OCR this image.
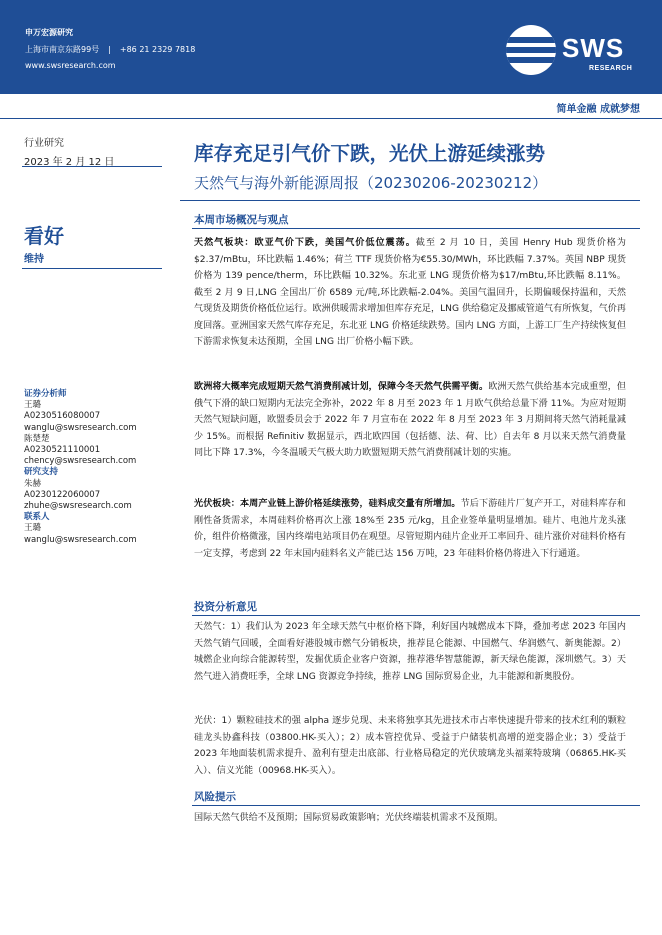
申万宏源研究
上海市南京东路99号 | +86 21 2329 7818
www.swsresearch.com
SWS
RESEARCH
简单金融 成就梦想
行业研究
2023 年 2 月 12 日
看好
维持
证券分析师
王璐
A0230516080007
wanglu@swsresearch.com
陈楚楚
A0230521110001
chency@swsresearch.com
研究支持
朱赫
A0230122060007
zhuhe@swsresearch.com
联系人
王璐
wanglu@swsresearch.com
库存充足引气价下跌，光伏上游延续涨势
天然气与海外新能源周报（20230206-20230212）
本周市场概况与观点
天然气板块：欧亚气价下跌，美国气价低位震荡。截至 2 月 10 日，美国 Henry Hub 现货价格为$2.37/mBtu，环比跌幅 1.46%；荷兰 TTF 现货价格为€55.30/MWh，环比跌幅 7.37%。英国 NBP 现货价格为 139 pence/therm，环比跌幅 10.32%。东北亚 LNG 现货价格为$17/mBtu,环比跌幅 8.11%。截至 2 月 9 日,LNG 全国出厂价 6589 元/吨,环比跌幅-2.04%。美国气温回升，长期偏暖保持温和，天然气现货及期货价格低位运行。欧洲供暖需求增加但库存充足，LNG 供给稳定及挪威管道气有所恢复，气价再度回落。亚洲国家天然气库存充足，东北亚 LNG 价格延续跌势。国内 LNG 方面，上游工厂生产持续恢复但下游需求恢复未达预期，全国 LNG 出厂价格小幅下跌。
欧洲将大概率完成短期天然气消费削减计划，保障今冬天然气供需平衡。欧洲天然气供给基本完成重塑，但俄气下滑的缺口短期内无法完全弥补，2022 年 8 月至 2023 年 1 月欧气供给总量下滑 11%。为应对短期天然气短缺问题，欧盟委员会于 2022 年 7 月宣布在 2022 年 8 月至 2023 年 3 月期间将天然气消耗量减少 15%。而根据 Refinitiv 数据显示，西北欧四国（包括德、法、荷、比）自去年 8 月以来天然气消费量同比下降 17.3%，今冬温暖天气极大助力欧盟短期天然气消费削减计划的实施。
光伏板块：本周产业链上游价格延续涨势，硅料成交量有所增加。节后下游硅片厂复产开工，对硅料库存和刚性备货需求，本周硅料价格再次上涨 18%至 235 元/kg，且企业签单量明显增加。硅片、电池片龙头涨价，组件价格微涨，国内终端电站项目仍在观望。尽管短期内硅片企业开工率回升、硅片涨价对硅料价格有一定支撑，考虑到 22 年末国内硅料名义产能已达 156 万吨，23 年硅料价格仍将进入下行通道。
投资分析意见
天然气：1）我们认为 2023 年全球天然气中枢价格下降，利好国内城燃成本下降，叠加考虑 2023 年国内天然气销气回暖，全面看好港股城市燃气分销板块，推荐昆仑能源、中国燃气、华润燃气、新奥能源。2）城燃企业向综合能源转型，发掘优质企业客户资源，推荐港华智慧能源，新天绿色能源，深圳燃气。3）天然气进入消费旺季，全球 LNG 资源竞争持续，推荐 LNG 国际贸易企业，九丰能源和新奥股份。
光伏：1）颗粒硅技术的强 alpha 逐步兑现、未来将独享其先进技术市占率快速提升带来的技术红利的颗粒硅龙头协鑫科技（03800.HK-买入）；2）成本管控优异、受益于户储装机高增的逆变器企业；3）受益于 2023 年地面装机需求提升、盈利有望走出底部、行业格局稳定的光伏玻璃龙头福莱特玻璃（06865.HK-买入）、信义光能（00968.HK-买入）。
风险提示
国际天然气供给不及预期；国际贸易政策影响；光伏终端装机需求不及预期。
